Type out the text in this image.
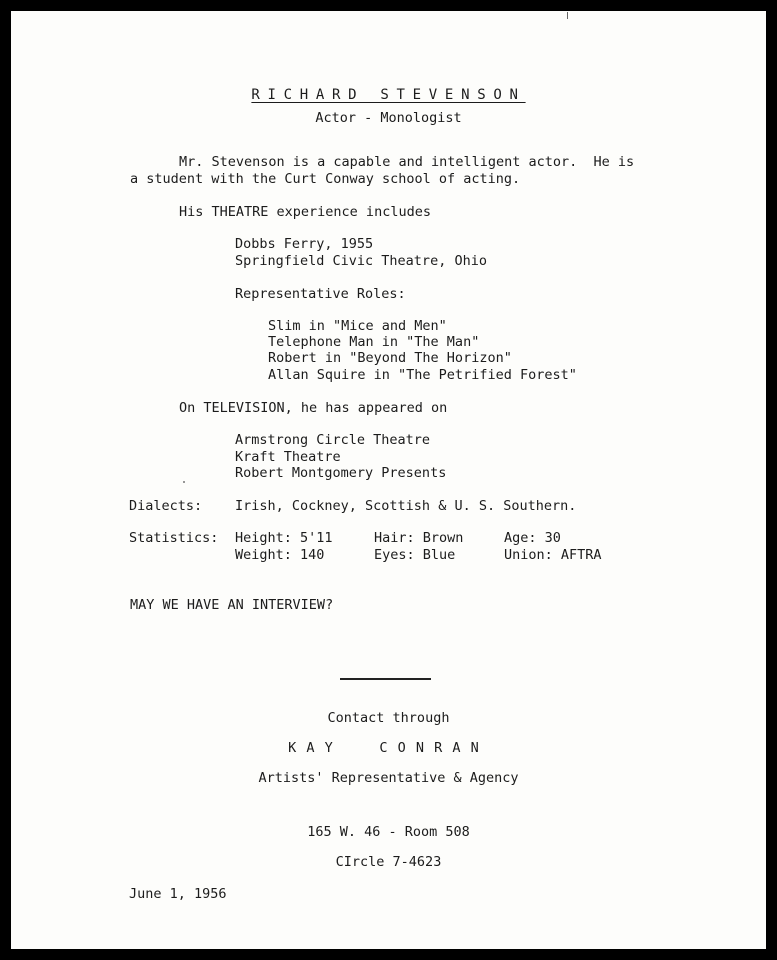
RICHARD STEVENSON
Actor - Monologist
Mr. Stevenson is a capable and intelligent actor.  He is
a student with the Curt Conway school of acting.
His THEATRE experience includes
Dobbs Ferry, 1955
Springfield Civic Theatre, Ohio
Representative Roles:
Slim in "Mice and Men"
Telephone Man in "The Man"
Robert in "Beyond The Horizon"
Allan Squire in "The Petrified Forest"
On TELEVISION, he has appeared on
Armstrong Circle Theatre
Kraft Theatre
Robert Montgomery Presents
Dialects: Irish, Cockney, Scottish & U. S. Southern.
Statistics: Height: 5'11	Hair: Brown	Age: 30
Weight: 140	Eyes: Blue	Union: AFTRA
MAY WE HAVE AN INTERVIEW?
Contact through
KAY  CONRAN
Artists' Representative & Agency
165 W. 46 - Room 508
CIrcle 7-4623
June 1, 1956
